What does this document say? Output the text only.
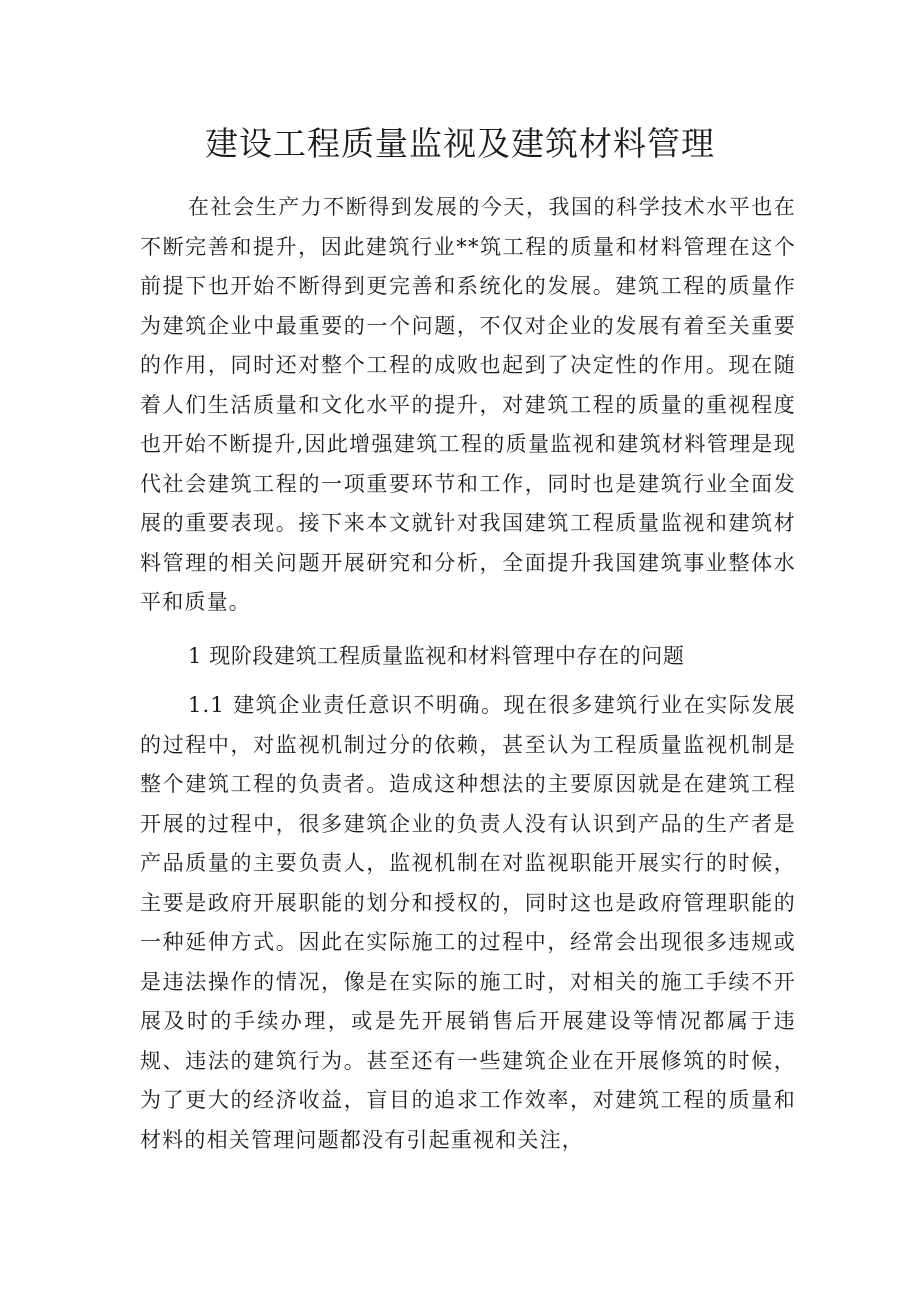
建设工程质量监视及建筑材料管理

在社会生产力不断得到发展的今天，我国的科学技术水平也在不断完善和提升，因此建筑行业**筑工程的质量和材料管理在这个前提下也开始不断得到更完善和系统化的发展。建筑工程的质量作为建筑企业中最重要的一个问题，不仅对企业的发展有着至关重要的作用，同时还对整个工程的成败也起到了决定性的作用。现在随着人们生活质量和文化水平的提升，对建筑工程的质量的重视程度也开始不断提升,因此增强建筑工程的质量监视和建筑材料管理是现代社会建筑工程的一项重要环节和工作，同时也是建筑行业全面发展的重要表现。接下来本文就针对我国建筑工程质量监视和建筑材料管理的相关问题开展研究和分析，全面提升我国建筑事业整体水平和质量。

1 现阶段建筑工程质量监视和材料管理中存在的问题

1.1 建筑企业责任意识不明确。现在很多建筑行业在实际发展的过程中，对监视机制过分的依赖，甚至认为工程质量监视机制是整个建筑工程的负责者。造成这种想法的主要原因就是在建筑工程开展的过程中，很多建筑企业的负责人没有认识到产品的生产者是产品质量的主要负责人，监视机制在对监视职能开展实行的时候，主要是政府开展职能的划分和授权的，同时这也是政府管理职能的一种延伸方式。因此在实际施工的过程中，经常会出现很多违规或是违法操作的情况，像是在实际的施工时，对相关的施工手续不开展及时的手续办理，或是先开展销售后开展建设等情况都属于违规、违法的建筑行为。甚至还有一些建筑企业在开展修筑的时候，为了更大的经济收益，盲目的追求工作效率，对建筑工程的质量和材料的相关管理问题都没有引起重视和关注，
